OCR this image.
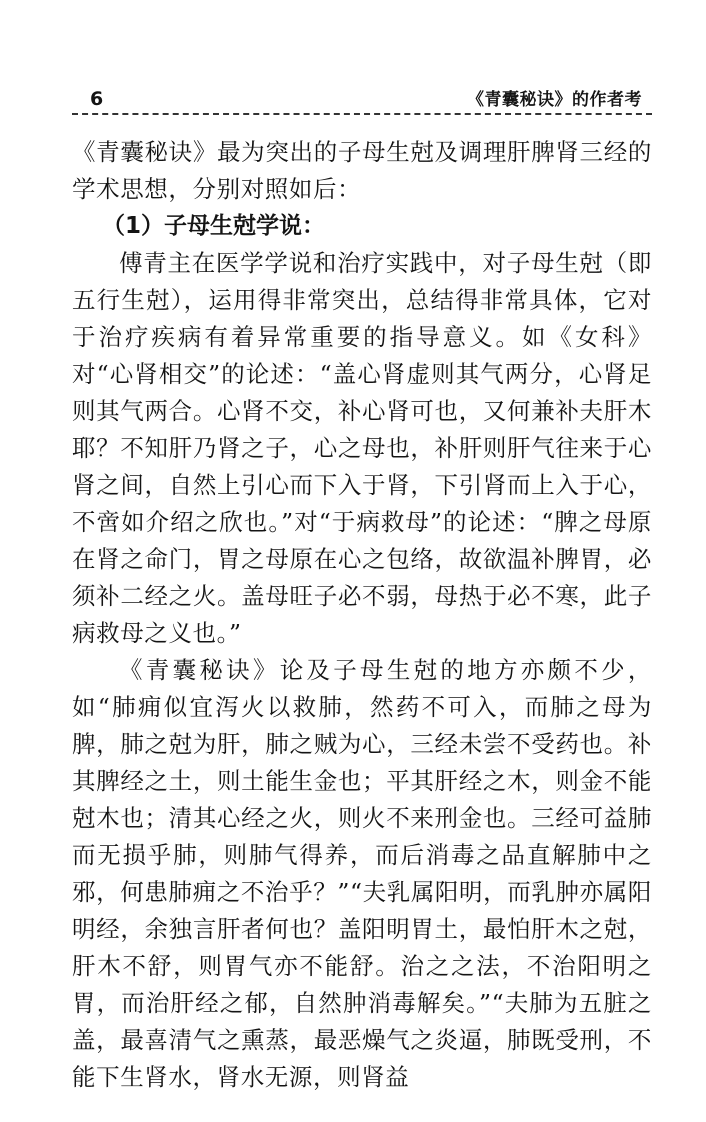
6	《青囊秘诀》的作者考

《青囊秘诀》最为突出的子母生尅及调理肝脾肾三经的学术思想，分别对照如后：

（1）子母生尅学说：

傅青主在医学学说和治疗实践中，对子母生尅（即五行生尅），运用得非常突出，总结得非常具体，它对于治疗疾病有着异常重要的指导意义。如《女科》对“心肾相交”的论述：“盖心肾虚则其气两分，心肾足则其气两合。心肾不交，补心肾可也，又何兼补夫肝木耶？不知肝乃肾之子，心之母也，补肝则肝气往来于心肾之间，自然上引心而下入于肾，下引肾而上入于心，不啻如介绍之欣也。”对“于病救母”的论述：“脾之母原在肾之命门，胃之母原在心之包络，故欲温补脾胃，必须补二经之火。盖母旺子必不弱，母热于必不寒，此子病救母之义也。”

《青囊秘诀》论及子母生尅的地方亦颇不少，如“肺痈似宜泻火以救肺，然药不可入，而肺之母为脾，肺之尅为肝，肺之贼为心，三经未尝不受药也。补其脾经之土，则土能生金也；平其肝经之木，则金不能尅木也；清其心经之火，则火不来刑金也。三经可益肺而无损乎肺，则肺气得养，而后消毒之品直解肺中之邪，何患肺痈之不治乎？”“夫乳属阳明，而乳肿亦属阳明经，余独言肝者何也？盖阳明胃土，最怕肝木之尅，肝木不舒，则胃气亦不能舒。治之之法，不治阳明之胃，而治肝经之郁，自然肿消毒解矣。”“夫肺为五脏之盖，最喜清气之熏蒸，最恶燥气之炎逼，肺既受刑，不能下生肾水，肾水无源，则肾益
